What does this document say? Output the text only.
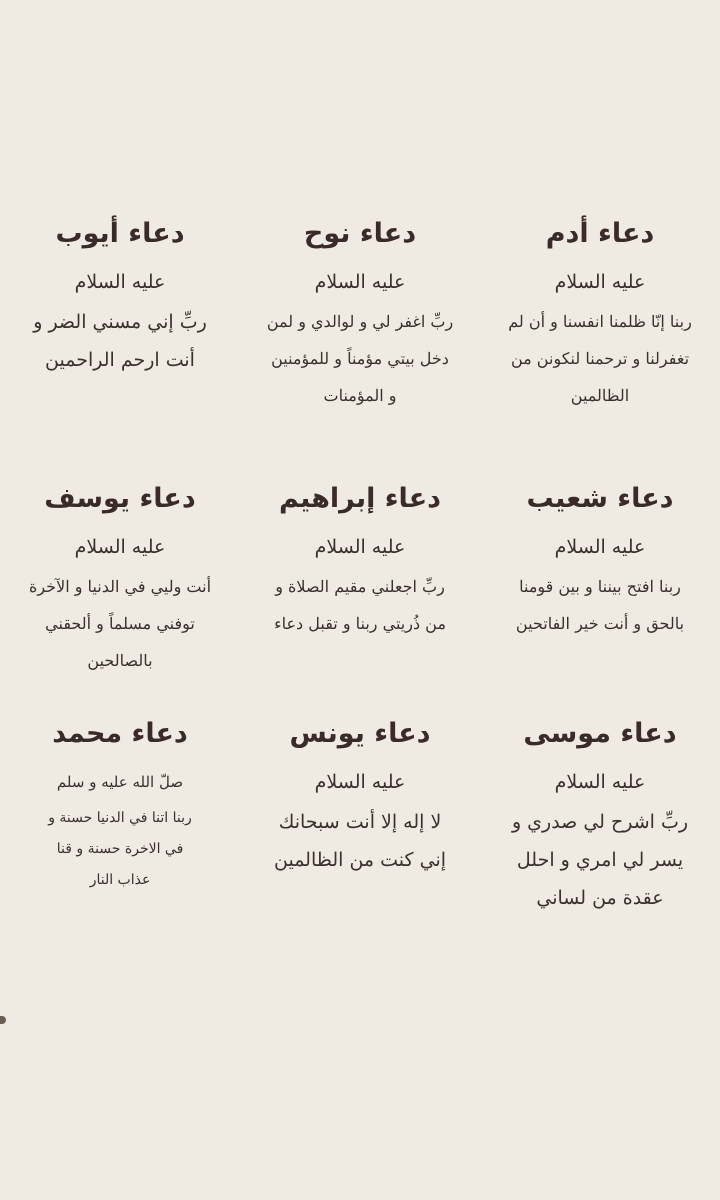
دعاء أدم
عليه السلام
ربنا إنّا ظلمنا انفسنا و أن لم
تغفرلنا و ترحمنا لنكونن من
الظالمين
دعاء نوح
عليه السلام
ربِّ اغفر لي و لوالدي و لمن
دخل بيتي مؤمناً و للمؤمنين
و المؤمنات
دعاء أيوب
عليه السلام
ربِّ إني مسني الضر و
أنت ارحم الراحمين
دعاء شعيب
عليه السلام
ربنا افتح بيننا و بين قومنا
بالحق و أنت خير الفاتحين
دعاء إبراهيم
عليه السلام
ربِّ اجعلني مقيم الصلاة و
من ذُريتي ربنا و تقبل دعاء
دعاء يوسف
عليه السلام
أنت وليي في الدنيا و الآخرة
توفني مسلماً و ألحقني
بالصالحين
دعاء موسى
عليه السلام
ربِّ اشرح لي صدري و
يسر لي امري و احلل
عقدة من لساني
دعاء يونس
عليه السلام
لا إله إلا أنت سبحانك
إني كنت من الظالمين
دعاء محمد
صلّ الله عليه و سلم
ربنا اتنا في الدنيا حسنة و
في الاخرة حسنة و قنا
عذاب النار
